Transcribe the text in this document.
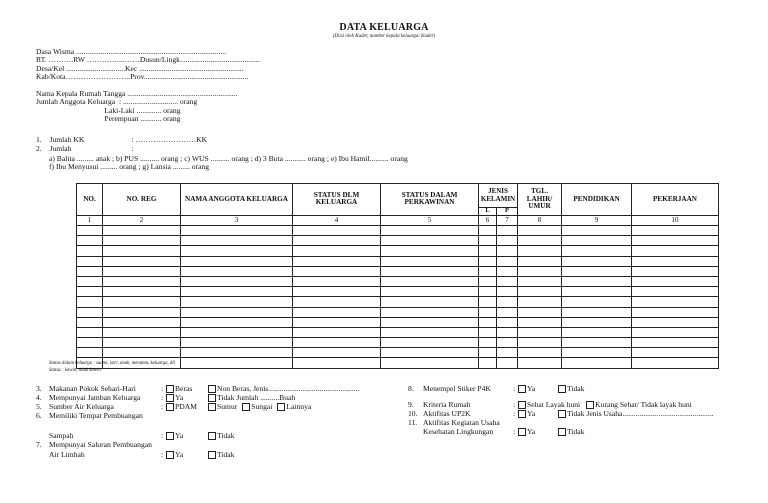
DATA KELUARGA
(Diisi oleh Kader, number kepala keluarga/ Kader)
Dasa Wisma ...............................................................................
RT. ……….RW …………....……Dusun/Lingk..........................................
Desa/Kel ...............................Kec .......................................................
Kab/Kota……………………..Prov.......................................................
Nama Kepala Rumah Tangga ..........................................................
Jumlah Anggota Keluarga  : ............................. orang
Laki-Laki ............. orang
Perempuan ........... orang
1. Jumlah KK	: ……………………KK
2. Jumlah	:
a) Balita ......... anak ; b) PUS .......... orang ; c) WUS .......... orang ; d) 3 Buta ........... orang ; e) Ibu Hamil.......... orang
f) Ibu Menyusui ......... orang ; g) Lansia ......... orang
NO.	NO. REG	NAMA ANGGOTA KELUARGA	STATUS DLM KELUARGA	STATUS DALAM PERKAWINAN	JENIS KELAMIN		TGL. LAHIR/ UMUR	PENDIDIKAN	PEKERJAAN
					L	P			
1	2	3	4	5	6	7	8	9	10

Status dalam keluarga : suami, istri, anak, menantu, keluarga, dll
Status : kawin, tidak kawin
3. Makanan Pokok Sehari-Hari	: Beras	Non Beras, Jenis................................................
4. Mempunyai Jamban Keluarga	: Ya	Tidak Jumlah ..........Buah
5. Sumber Air Keluarga	: PDAM	Sumur Sungai Lainnya
6. Memiliki Tempat Pembuangan
Sampah	: Ya	Tidak
7. Mempunyai Saluran Pembuangan
Air Limbah	: Ya	Tidak
8. Menempel Stiker P4K	: Ya	Tidak
9. Kriteria Rumah	: Sehat Layak huni Kurang Sehat/ Tidak layak huni
10. Aktifitas UP2K	: Ya	Tidak Jenis Usaha................................................
11. Aktifitas Kegiatan Usaha
Kesehatan Lingkungan	: Ya	Tidak
